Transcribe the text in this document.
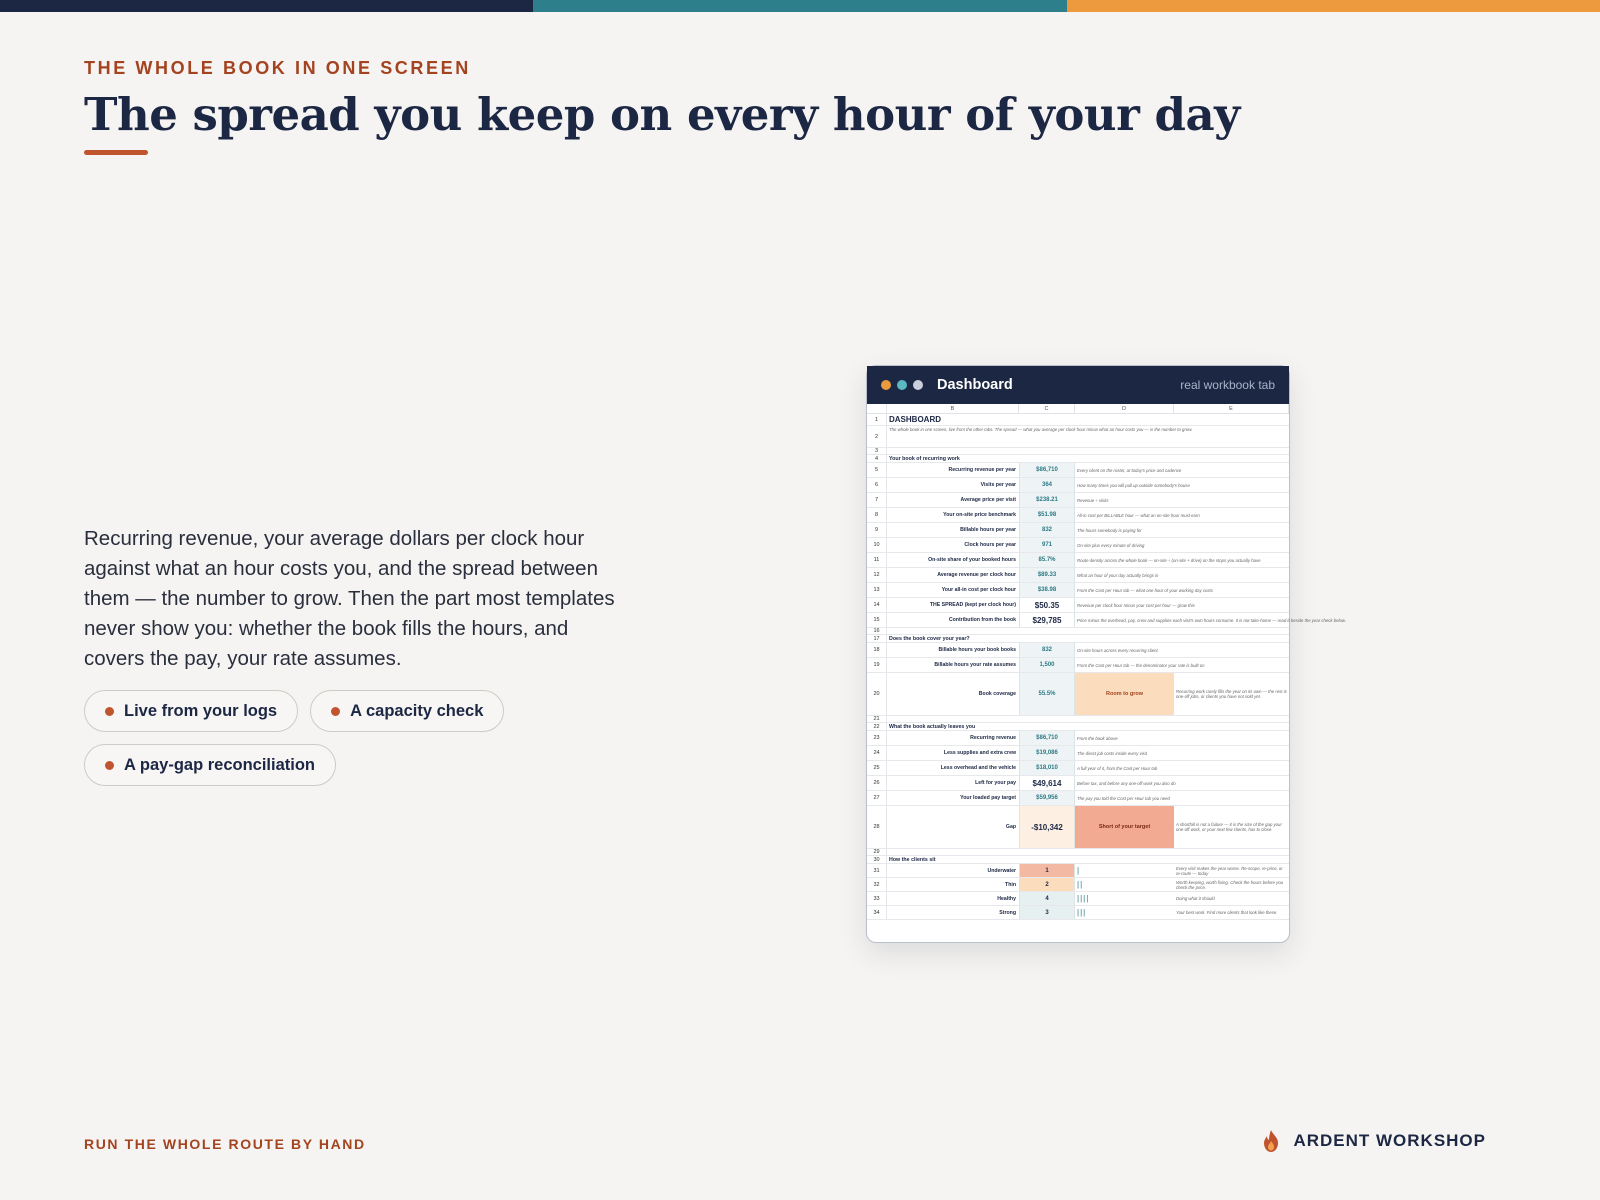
THE WHOLE BOOK IN ONE SCREEN
The spread you keep on every hour of your day

Recurring revenue, your average dollars per clock hour against what an hour costs you, and the spread between them — the number to grow. Then the part most templates never show you: whether the book fills the hours, and covers the pay, your rate assumes.

Live from your logs	A capacity check
A pay-gap reconciliation
Dashboard	real workbook tab
B	C	D	E
1	DASHBOARD
2
The whole book in one screen, live from the other tabs. The spread — what you average per clock hour minus what an hour costs you — is the number to grow.
3
4	Your book of recurring work
5	Recurring revenue per year	$86,710	Every client on the roster, at today's price and cadence
6	Visits per year	364	How many times you will pull up outside somebody's house
7	Average price per visit	$238.21	Revenue ÷ visits
8	Your on-site price benchmark	$51.98	All-in cost per BILLABLE hour — what an on-site hour must earn
9	Billable hours per year	832	The hours somebody is paying for
10	Clock hours per year	971	On-site plus every minute of driving
11	On-site share of your booked hours	85.7%	Route density across the whole book — on-site ÷ (on-site + drive) on the stops you actually have
12	Average revenue per clock hour	$89.33	What an hour of your day actually brings in
13	Your all-in cost per clock hour	$38.98	From the Cost per Hour tab — what one hour of your working day costs
14	THE SPREAD (kept per clock hour)	$50.35	Revenue per clock hour minus your cost per hour — grow this
15	Contribution from the book	$29,785	Price minus the overhead, pay, crew and supplies each visit's own hours consume. It is not take-home — read it beside the year check below.
16
17	Does the book cover your year?
18	Billable hours your book books	832	On-site hours across every recurring client
19	Billable hours your rate assumes	1,500	From the Cost per Hour tab — the denominator your rate is built on
20	Book coverage	55.5%	Room to grow	Recurring work rarely fills the year on its own — the rest is one-off jobs, or clients you have not sold yet.
21
22	What the book actually leaves you
23	Recurring revenue	$86,710	From the book above
24	Less supplies and extra crew	$19,086	The direct job costs inside every visit
25	Less overhead and the vehicle	$18,010	A full year of it, from the Cost per Hour tab
26	Left for your pay	$49,614	Before tax, and before any one-off work you also do
27	Your loaded pay target	$59,956	The pay you told the Cost per Hour tab you need
28	Gap	-$10,342	Short of your target	A shortfall is not a failure — it is the size of the gap your one-off work, or your next few clients, has to close.
29
30	How the clients sit
31	Underwater	1	|	Every visit makes the year worse. Re-scope, re-price, or re-route — today
32	Thin	2	||	Worth keeping, worth fixing. Check the hours before you check the price.
33	Healthy	4	||||	Doing what it should
34	Strong	3	|||	Your best work. Find more clients that look like these.
RUN THE WHOLE ROUTE BY HAND	ARDENT WORKSHOP
